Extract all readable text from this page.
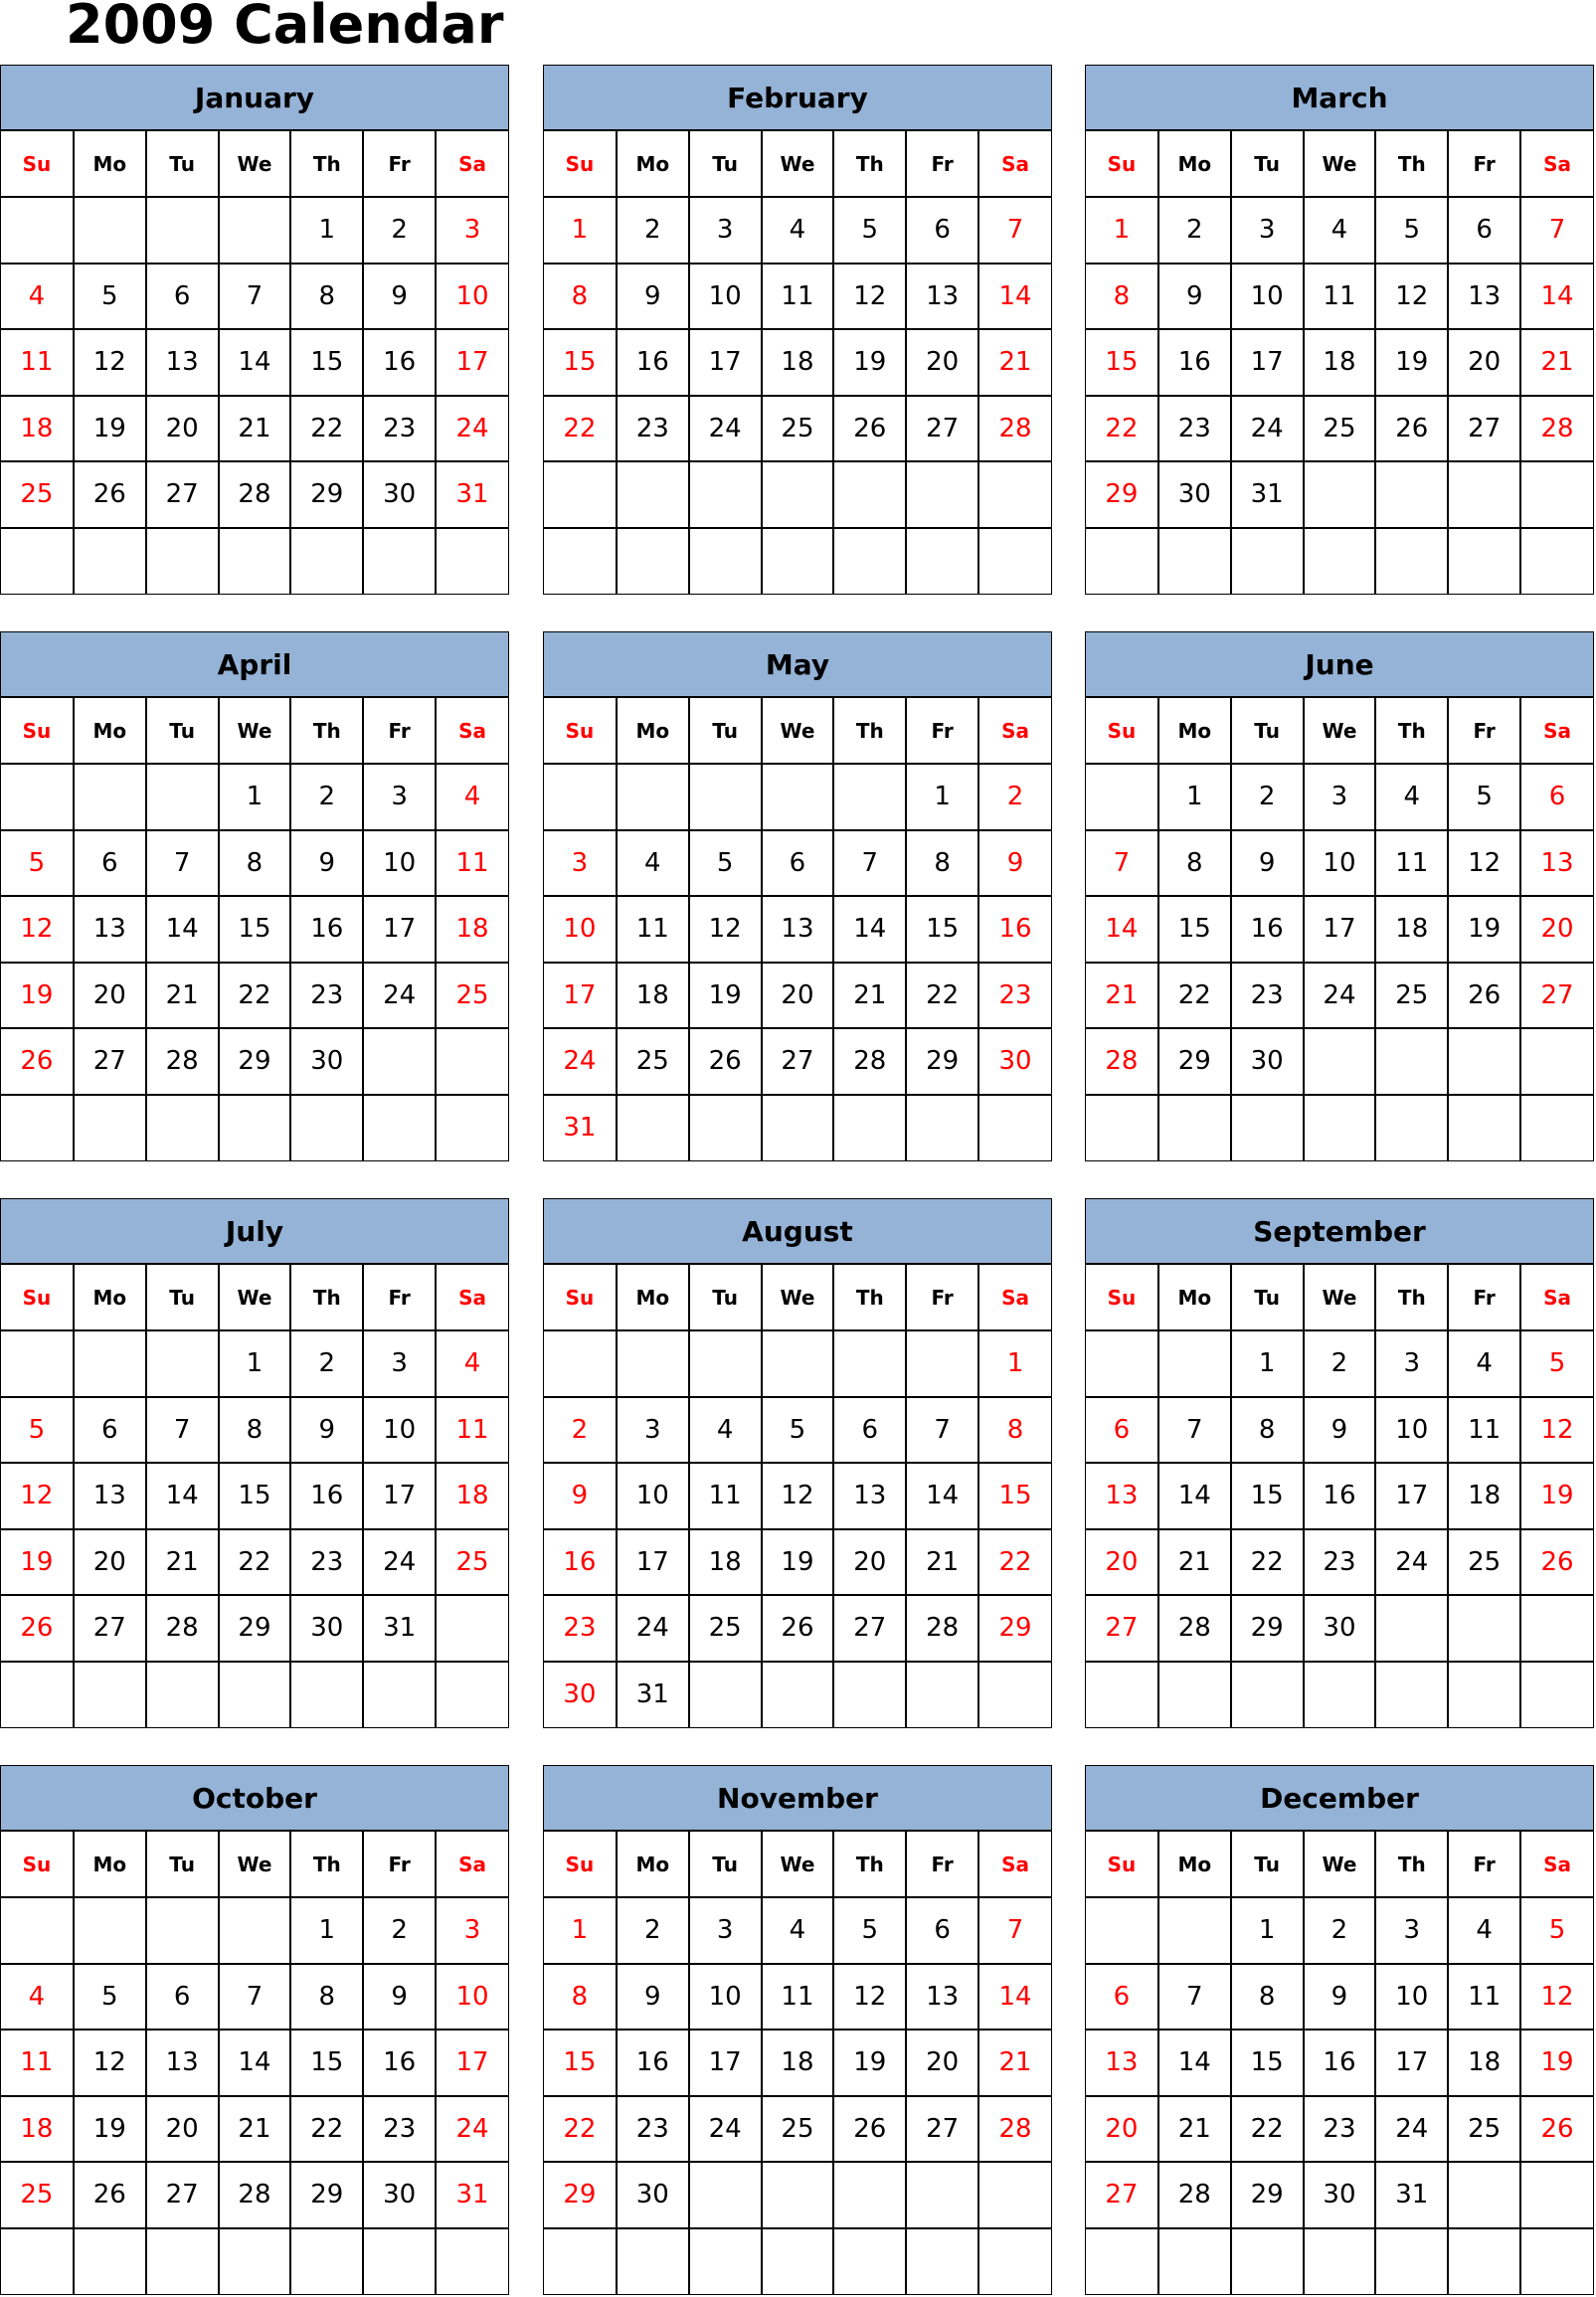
2009 Calendar
January
Su	Mo	Tu	We	Th	Fr	Sa
				1	2	3
4	5	6	7	8	9	10
11	12	13	14	15	16	17
18	19	20	21	22	23	24
25	26	27	28	29	30	31

February
Su	Mo	Tu	We	Th	Fr	Sa
1	2	3	4	5	6	7
8	9	10	11	12	13	14
15	16	17	18	19	20	21
22	23	24	25	26	27	28

March
Su	Mo	Tu	We	Th	Fr	Sa
1	2	3	4	5	6	7
8	9	10	11	12	13	14
15	16	17	18	19	20	21
22	23	24	25	26	27	28
29	30	31				

April
Su	Mo	Tu	We	Th	Fr	Sa
			1	2	3	4
5	6	7	8	9	10	11
12	13	14	15	16	17	18
19	20	21	22	23	24	25
26	27	28	29	30		

May
Su	Mo	Tu	We	Th	Fr	Sa
					1	2
3	4	5	6	7	8	9
10	11	12	13	14	15	16
17	18	19	20	21	22	23
24	25	26	27	28	29	30
31						
June
Su	Mo	Tu	We	Th	Fr	Sa
	1	2	3	4	5	6
7	8	9	10	11	12	13
14	15	16	17	18	19	20
21	22	23	24	25	26	27
28	29	30				

July
Su	Mo	Tu	We	Th	Fr	Sa
			1	2	3	4
5	6	7	8	9	10	11
12	13	14	15	16	17	18
19	20	21	22	23	24	25
26	27	28	29	30	31	

August
Su	Mo	Tu	We	Th	Fr	Sa
						1
2	3	4	5	6	7	8
9	10	11	12	13	14	15
16	17	18	19	20	21	22
23	24	25	26	27	28	29
30	31					
September
Su	Mo	Tu	We	Th	Fr	Sa
		1	2	3	4	5
6	7	8	9	10	11	12
13	14	15	16	17	18	19
20	21	22	23	24	25	26
27	28	29	30			

October
Su	Mo	Tu	We	Th	Fr	Sa
				1	2	3
4	5	6	7	8	9	10
11	12	13	14	15	16	17
18	19	20	21	22	23	24
25	26	27	28	29	30	31

November
Su	Mo	Tu	We	Th	Fr	Sa
1	2	3	4	5	6	7
8	9	10	11	12	13	14
15	16	17	18	19	20	21
22	23	24	25	26	27	28
29	30					

December
Su	Mo	Tu	We	Th	Fr	Sa
		1	2	3	4	5
6	7	8	9	10	11	12
13	14	15	16	17	18	19
20	21	22	23	24	25	26
27	28	29	30	31		
